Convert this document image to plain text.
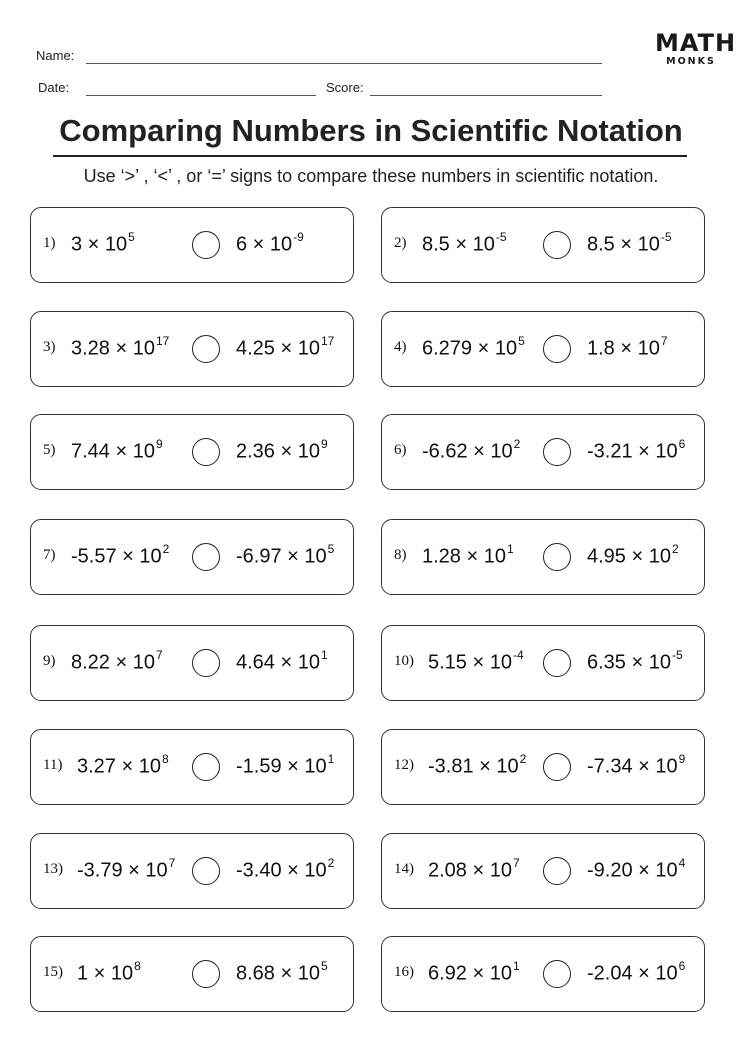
Name:
Date:	Score:
MATH
MONKS
Comparing Numbers in Scientific Notation
Use ‘>’ , ‘<’ , or ‘=’ signs to compare these numbers in scientific notation.
1) $3 \times 10^5$	$6 \times 10^{-9}$	2) $8.5 \times 10^{-5}$	$8.5 \times 10^{-5}$
3) $3.28 \times 10^{17}$	$4.25 \times 10^{17}$	4) $6.279 \times 10^5$	$1.8 \times 10^7$
5) $7.44 \times 10^9$	$2.36 \times 10^9$	6) $-6.62 \times 10^2$	$-3.21 \times 10^6$
7) $-5.57 \times 10^2$	$-6.97 \times 10^5$	8) $1.28 \times 10^1$	$4.95 \times 10^2$
9) $8.22 \times 10^7$	$4.64 \times 10^1$	10) $5.15 \times 10^{-4}$	$6.35 \times 10^{-5}$
11) $3.27 \times 10^8$	$-1.59 \times 10^1$	12) $-3.81 \times 10^2$	$-7.34 \times 10^9$
13) $-3.79 \times 10^7$	$-3.40 \times 10^2$	14) $2.08 \times 10^7$	$-9.20 \times 10^4$
15) $1 \times 10^8$	$8.68 \times 10^5$	16) $6.92 \times 10^1$	$-2.04 \times 10^6$
